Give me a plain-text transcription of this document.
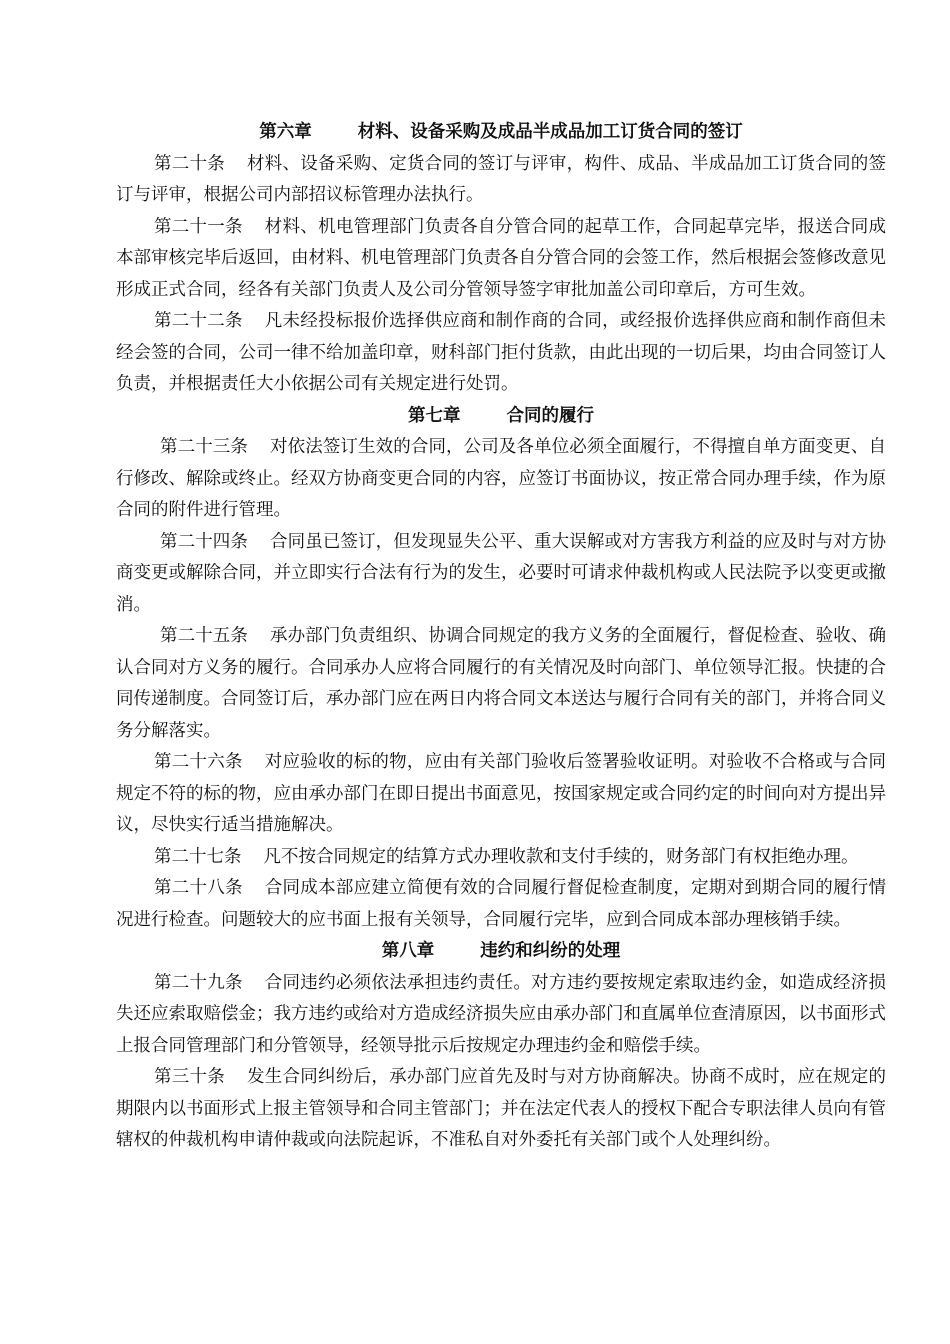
第六章	材料、设备采购及成品半成品加工订货合同的签订

第二十条 材料、设备采购、定货合同的签订与评审，构件、成品、半成品加工订货合同的签订与评审，根据公司内部招议标管理办法执行。

第二十一条 材料、机电管理部门负责各自分管合同的起草工作，合同起草完毕，报送合同成本部审核完毕后返回，由材料、机电管理部门负责各自分管合同的会签工作，然后根据会签修改意见形成正式合同，经各有关部门负责人及公司分管领导签字审批加盖公司印章后，方可生效。

第二十二条 凡未经投标报价选择供应商和制作商的合同，或经报价选择供应商和制作商但未经会签的合同，公司一律不给加盖印章，财科部门拒付货款，由此出现的一切后果，均由合同签订人负责，并根据责任大小依据公司有关规定进行处罚。

第七章	合同的履行

第二十三条 对依法签订生效的合同，公司及各单位必须全面履行，不得擅自单方面变更、自行修改、解除或终止。经双方协商变更合同的内容，应签订书面协议，按正常合同办理手续，作为原合同的附件进行管理。

第二十四条 合同虽已签订，但发现显失公平、重大误解或对方害我方利益的应及时与对方协商变更或解除合同，并立即实行合法有行为的发生，必要时可请求仲裁机构或人民法院予以变更或撤消。

第二十五条 承办部门负责组织、协调合同规定的我方义务的全面履行，督促检查、验收、确认合同对方义务的履行。合同承办人应将合同履行的有关情况及时向部门、单位领导汇报。快捷的合同传递制度。合同签订后，承办部门应在两日内将合同文本送达与履行合同有关的部门，并将合同义务分解落实。

第二十六条 对应验收的标的物，应由有关部门验收后签署验收证明。对验收不合格或与合同规定不符的标的物，应由承办部门在即日提出书面意见，按国家规定或合同约定的时间向对方提出异议，尽快实行适当措施解决。

第二十七条 凡不按合同规定的结算方式办理收款和支付手续的，财务部门有权拒绝办理。

第二十八条 合同成本部应建立简便有效的合同履行督促检查制度，定期对到期合同的履行情况进行检查。问题较大的应书面上报有关领导，合同履行完毕，应到合同成本部办理核销手续。

第八章	违约和纠纷的处理

第二十九条 合同违约必须依法承担违约责任。对方违约要按规定索取违约金，如造成经济损失还应索取赔偿金；我方违约或给对方造成经济损失应由承办部门和直属单位查清原因，以书面形式上报合同管理部门和分管领导，经领导批示后按规定办理违约金和赔偿手续。

第三十条 发生合同纠纷后，承办部门应首先及时与对方协商解决。协商不成时，应在规定的期限内以书面形式上报主管领导和合同主管部门；并在法定代表人的授权下配合专职法律人员向有管辖权的仲裁机构申请仲裁或向法院起诉，不准私自对外委托有关部门或个人处理纠纷。
